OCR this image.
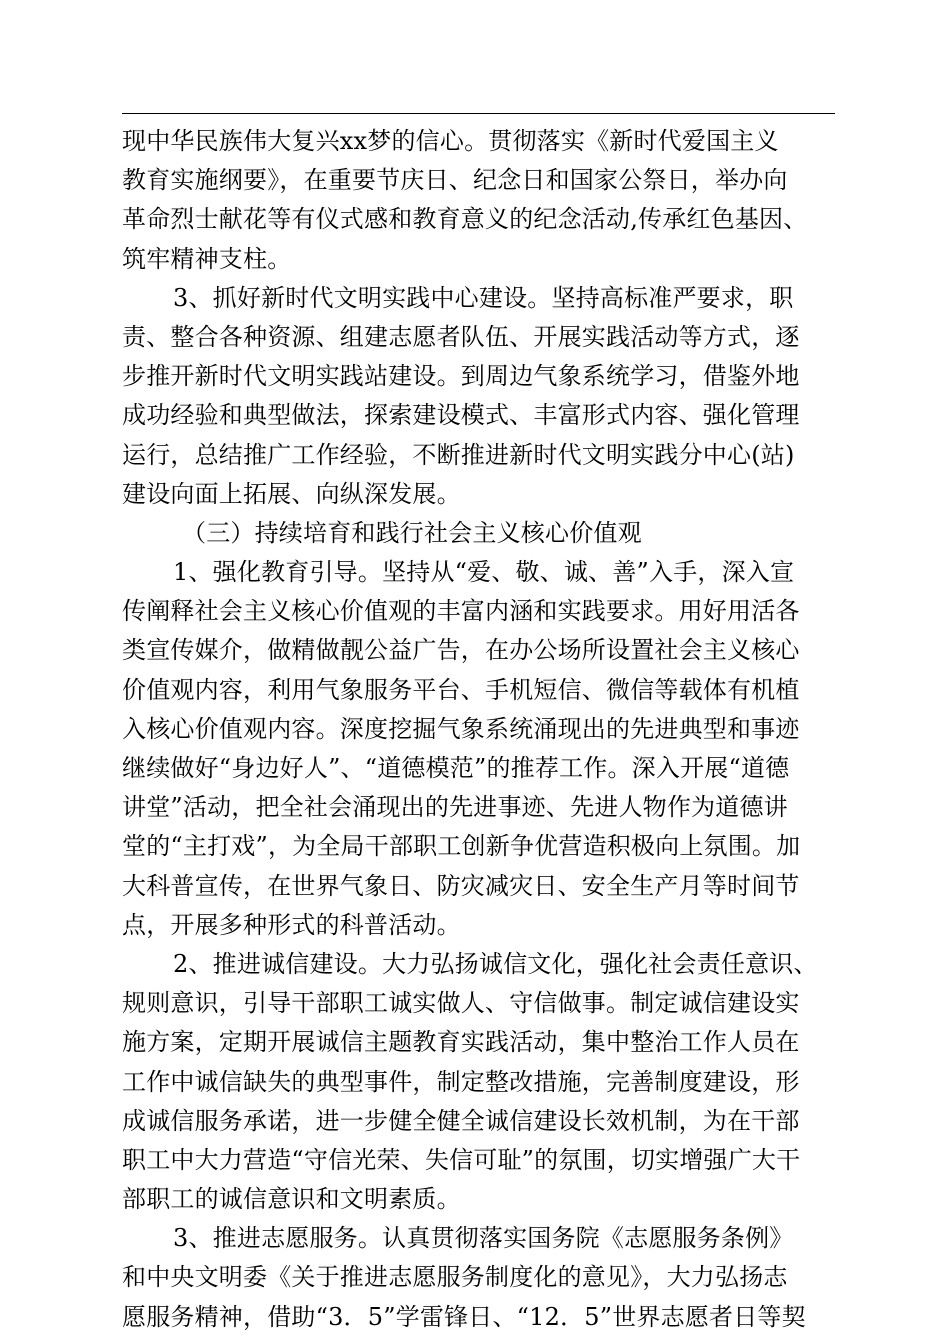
现中华民族伟大复兴xx梦的信心。贯彻落实《新时代爱国主义
教育实施纲要》，在重要节庆日、纪念日和国家公祭日，举办向
革命烈士献花等有仪式感和教育意义的纪念活动,传承红色基因、
筑牢精神支柱。
3、抓好新时代文明实践中心建设。坚持高标准严要求，职
责、整合各种资源、组建志愿者队伍、开展实践活动等方式，逐
步推开新时代文明实践站建设。到周边气象系统学习，借鉴外地
成功经验和典型做法，探索建设模式、丰富形式内容、强化管理
运行，总结推广工作经验，不断推进新时代文明实践分中心(站)
建设向面上拓展、向纵深发展。
（三）持续培育和践行社会主义核心价值观
1、强化教育引导。坚持从“爱、敬、诚、善”入手，深入宣
传阐释社会主义核心价值观的丰富内涵和实践要求。用好用活各
类宣传媒介，做精做靓公益广告，在办公场所设置社会主义核心
价值观内容，利用气象服务平台、手机短信、微信等载体有机植
入核心价值观内容。深度挖掘气象系统涌现出的先进典型和事迹
继续做好“身边好人”、“道德模范”的推荐工作。深入开展“道德
讲堂”活动，把全社会涌现出的先进事迹、先进人物作为道德讲
堂的“主打戏”，为全局干部职工创新争优营造积极向上氛围。加
大科普宣传，在世界气象日、防灾减灾日、安全生产月等时间节
点，开展多种形式的科普活动。
2、推进诚信建设。大力弘扬诚信文化，强化社会责任意识、
规则意识，引导干部职工诚实做人、守信做事。制定诚信建设实
施方案，定期开展诚信主题教育实践活动，集中整治工作人员在
工作中诚信缺失的典型事件，制定整改措施，完善制度建设，形
成诚信服务承诺，进一步健全健全诚信建设长效机制，为在干部
职工中大力营造“守信光荣、失信可耻”的氛围，切实增强广大干
部职工的诚信意识和文明素质。
3、推进志愿服务。认真贯彻落实国务院《志愿服务条例》
和中央文明委《关于推进志愿服务制度化的意见》，大力弘扬志
愿服务精神，借助“3．5”学雷锋日、“12．5”世界志愿者日等契
